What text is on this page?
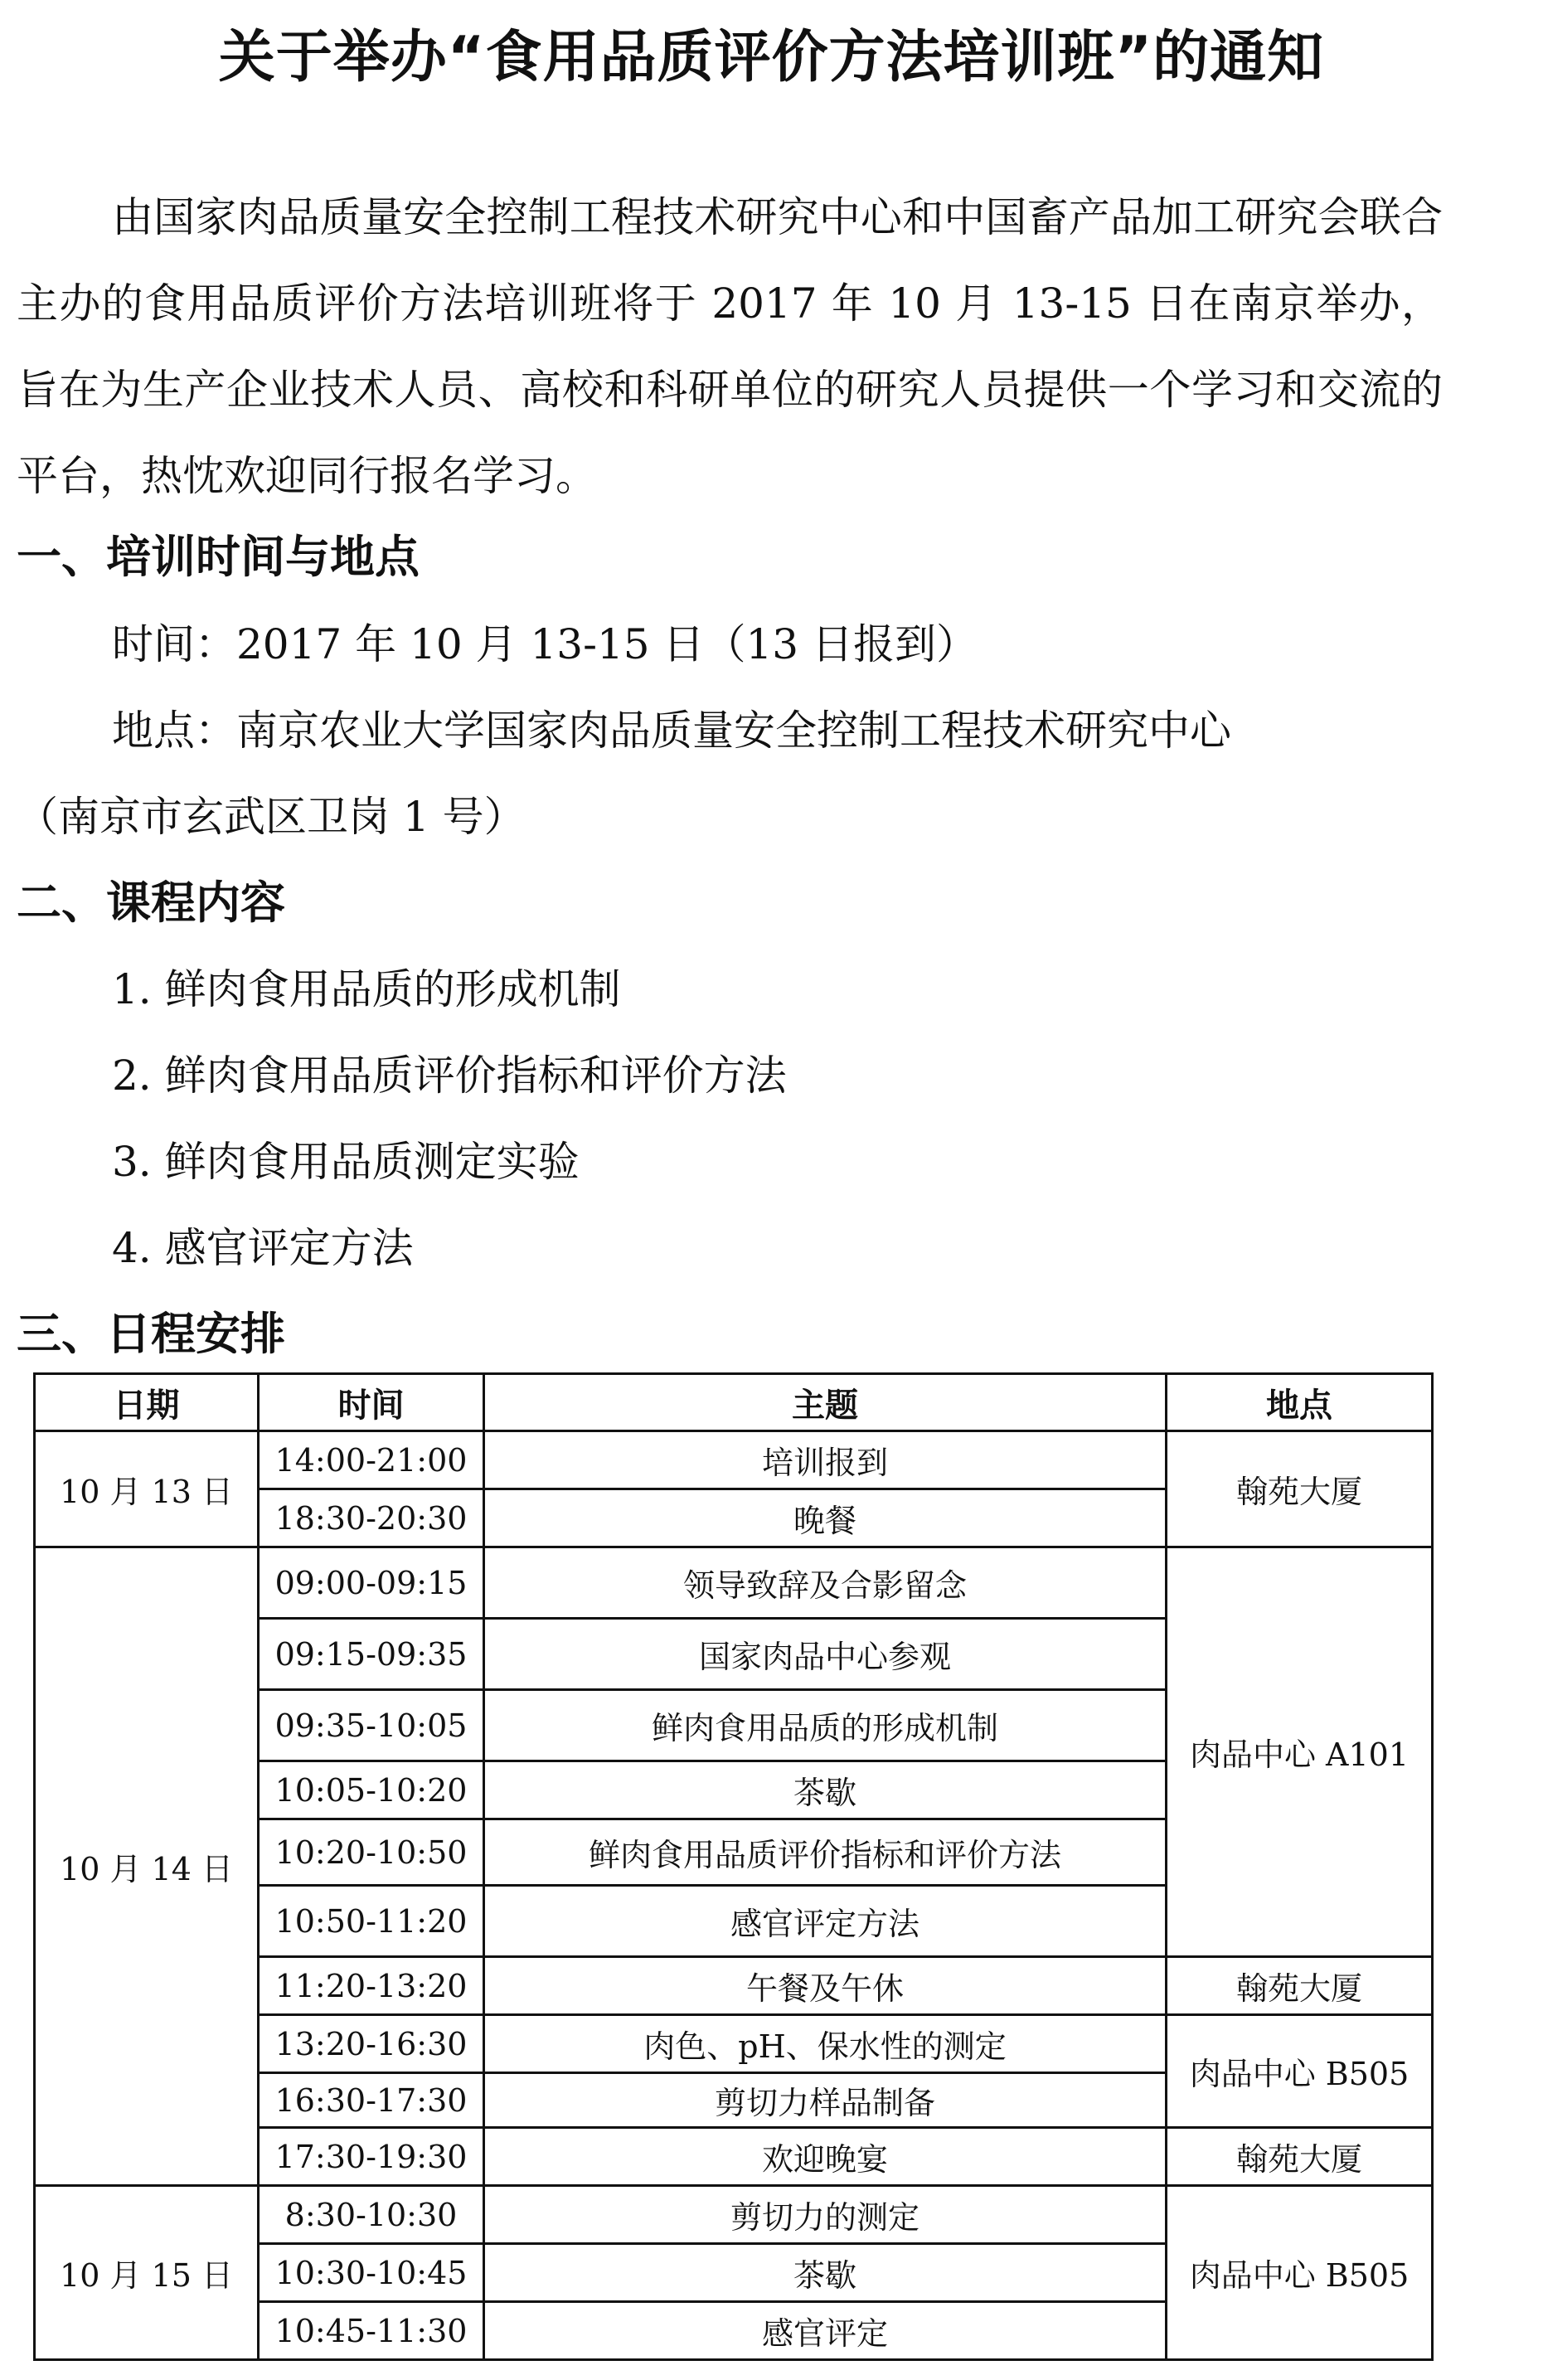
关于举办“食用品质评价方法培训班”的通知
由国家肉品质量安全控制工程技术研究中心和中国畜产品加工研究会联合主办的食用品质评价方法培训班将于 2017 年 10 月 13-15 日在南京举办，旨在为生产企业技术人员、高校和科研单位的研究人员提供一个学习和交流的平台，热忱欢迎同行报名学习。
一、培训时间与地点
时间：2017 年 10 月 13-15 日（13 日报到）
地点：南京农业大学国家肉品质量安全控制工程技术研究中心
（南京市玄武区卫岗 1 号）
二、课程内容
1. 鲜肉食用品质的形成机制
2. 鲜肉食用品质评价指标和评价方法
3. 鲜肉食用品质测定实验
4. 感官评定方法
三、日程安排
日期	时间	主题	地点
10 月 13 日	14:00-21:00	培训报到	翰苑大厦
	18:30-20:30	晚餐	
10 月 14 日	09:00-09:15	领导致辞及合影留念	肉品中心 A101
	09:15-09:35	国家肉品中心参观	
	09:35-10:05	鲜肉食用品质的形成机制	
	10:05-10:20	茶歇	
	10:20-10:50	鲜肉食用品质评价指标和评价方法	
	10:50-11:20	感官评定方法	
	11:20-13:20	午餐及午休	翰苑大厦
	13:20-16:30	肉色、pH、保水性的测定	肉品中心 B505
	16:30-17:30	剪切力样品制备	
	17:30-19:30	欢迎晚宴	翰苑大厦
10 月 15 日	8:30-10:30	剪切力的测定	肉品中心 B505
	10:30-10:45	茶歇	
	10:45-11:30	感官评定	
